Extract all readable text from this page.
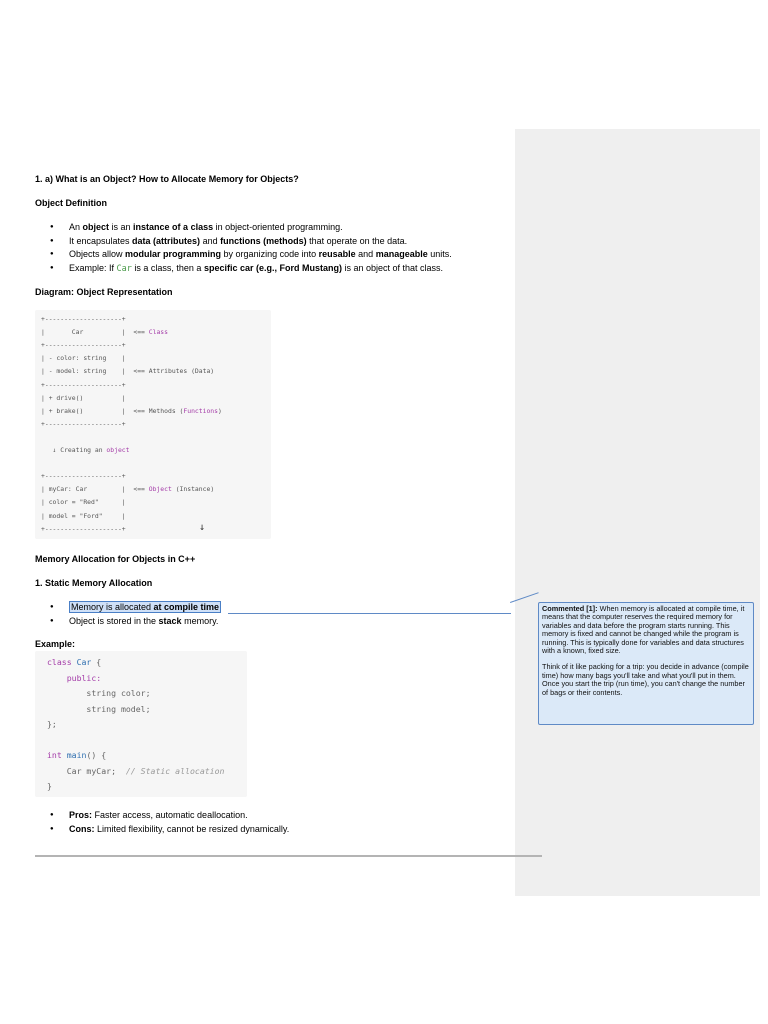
1. a) What is an Object? How to Allocate Memory for Objects?
Object Definition
● An object is an instance of a class in object-oriented programming.
● It encapsulates data (attributes) and functions (methods) that operate on the data.
● Objects allow modular programming by organizing code into reusable and manageable units.
● Example: If Car is a class, then a specific car (e.g., Ford Mustang) is an object of that class.
Diagram: Object Representation
+--------------------+
|       Car          |  <== Class
+--------------------+
| - color: string    |
| - model: string    |  <== Attributes (Data)
+--------------------+
| + drive()          |
| + brake()          |  <== Methods (Functions)
+--------------------+
↓ Creating an object
+--------------------+
| myCar: Car         |  <== Object (Instance)
| color = "Red"      |
| model = "Ford"     |
+--------------------+	↓
Memory Allocation for Objects in C++
1. Static Memory Allocation
● Memory is allocated at compile time
● Object is stored in the stack memory.
Example:
class Car {
public:
string color;
string model;
};
int main() {
Car myCar;  // Static allocation
}
● Pros: Faster access, automatic deallocation.
● Cons: Limited flexibility, cannot be resized dynamically.

Commented [1]: When memory is allocated at compile time, it means that the computer reserves the required memory for variables and data before the program starts running. This memory is fixed and cannot be changed while the program is running. This is typically done for variables and data structures with a known, fixed size.

Think of it like packing for a trip: you decide in advance (compile time) how many bags you'll take and what you'll put in them. Once you start the trip (run time), you can't change the number of bags or their contents.
